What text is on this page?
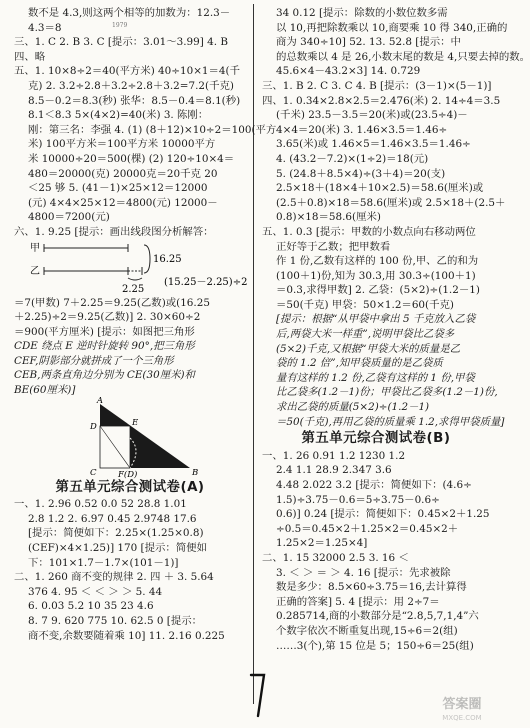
1979
数不是 4.3,则这两个相等的加数为：12.3－
4.3＝8
三、1. C 2. B 3. C [提示：3.01～3.99] 4. B
四、略
五、1. 10×8÷2＝40(平方米) 40÷10×1＝4(千
克) 2. 3.2÷2.8＋3.2÷2.8＋3.2=7.2(千克)
8.5－0.2＝8.3(秒) 张华：8.5－0.4＝8.1(秒)
8.1＜8.3 5×(4×2)=40(米) 3. 陈刚：
刚：第三名：李强 4. (1) (8＋12)×10÷2＝100(平方
米) 100平方米＝100平方米 10000平方
米 10000÷20＝500(棵) (2) 120÷10×4＝
480＝20000(克) 20000克＝20千克 20
＜25 够 5. (41－1)×25×12＝12000
(元) 4×4×25×12＝4800(元) 12000－
4800＝7200(元)
六、1. 9.25 [提示：画出线段图分析解答：
甲
乙
16.25
2.25
(15.25－2.25)÷2
＝7(甲数) 7＋2.25＝9.25(乙数)或(16.25
＋2.25)÷2＝9.25(乙数)] 2. 30×60÷2
＝900(平方厘米) [提示：如图把三角形
CDE 绕点 E 逆时针旋转 90°,把三角形
CEF,阴影部分就拼成了一个三角形
CEB,两条直角边分别为 CE(30厘米)和
BE(60厘米)]
A
D	E
C	F(D)	B
第五单元综合测试卷(A)
一、1. 2.96 0.52 0.0 52 28.8 1.01
2.8 1.2 2. 6.97 0.45 2.9748 17.6
[提示：简便如下：2.25×(1.25×0.8)
(CEF)×4×1.25)] 170 [提示：简便如
下：101×1.7－1.7×(101－1)]
二、1. 260 商不变的规律 2. 四 ＋ 3. 5.64
376 4. 95 ＜ ＜ ＞ ＞ 5. 44
6. 0.03 5.2 10 35 23 4.6
8. 7 9. 620 775 10. 62.5 0 [提示：
商不变,余数要随着乘 10] 11. 2.16 0.225
34 0.12 [提示：除数的小数位数多需
以 10,再把除数乘以 10,商要乘 10 得 340,正确的
商为 340÷10] 52. 13. 52.8 [提示：中
的总数乘以 4 是 26,小数末尾的数是 4,只要去掉的数。
45.6×4－43.2×3] 14. 0.729
三、1. B 2. C 3. C 4. B [提示：(3－1)×(5－1)]
四、1. 0.34×2.8×2.5＝2.476(米) 2. 14÷4＝3.5
(千米) 23.5－3.5＝20(米)或(23.5÷4)－
4×4＝20(米) 3. 1.46×3.5＝1.46÷
3.65(米)或 1.46×5＝1.46×3.5＝1.46÷
4. (43.2－7.2)×(1÷2)＝18(元)
5. (24.8＋8.5×4)÷(3＋4)＝20(支)
2.5×18＋(18×4＋10×2.5)＝58.6(厘米)或
(2.5＋0.8)×18＝58.6(厘米)或 2.5×18＋(2.5＋
0.8)×18＝58.6(厘米)
五、1. 0.3 [提示：甲数的小数点向右移动两位
正好等于乙数；把甲数看
作 1 份,乙数有这样的 100 份,甲、乙的和为
(100＋1)份,知为 30.3,用 30.3÷(100＋1)
＝0.3,求得甲数] 2. 乙袋：(5×2)÷(1.2－1)
＝50(千克) 甲袋：50×1.2＝60(千克)
[提示：根据“从甲袋中拿出 5 千克放入乙袋
后,两袋大米一样重”,说明甲袋比乙袋多
(5×2)千克,又根据“甲袋大米的质量是乙
袋的 1.2 倍”,知甲袋质量的是乙袋质
量有这样的 1.2 份,乙袋有这样的 1 份,甲袋
比乙袋多(1.2－1)份；甲袋比乙袋多(1.2－1)份,
求出乙袋的质量(5×2)÷(1.2－1)
＝50(千克),再用乙袋的质量乘 1.2,求得甲袋质量]
第五单元综合测试卷(B)
一、1. 26 0.91 1.2 1230 1.2
2.4 1.1 28.9 2.347 3.6
4.48 2.022 3.2 [提示：简便如下：(4.6÷
1.5)÷3.75－0.6＝5÷3.75－0.6÷
0.6)] 0.24 [提示：简便如下：0.45×2＋1.25
÷0.5＝0.45×2＋1.25×2＝0.45×2＋
1.25×2＝1.25×4]
二、1. 15 32000 2.5 3. 16 ＜
3. ＜ ＞ ＝ ＞ 4. 16 [提示：先求被除
数是多少：8.5×60÷3.75＝16,去计算得
正确的答案] 5. 4 [提示：用 2÷7＝
0.285714,商的小数部分是“2.8,5,7,1,4”六
个数字依次不断重复出现,15÷6＝2(组)
……3(个),第 15 位是 5；150÷6＝25(组)
答案圈
MXQE.COM
